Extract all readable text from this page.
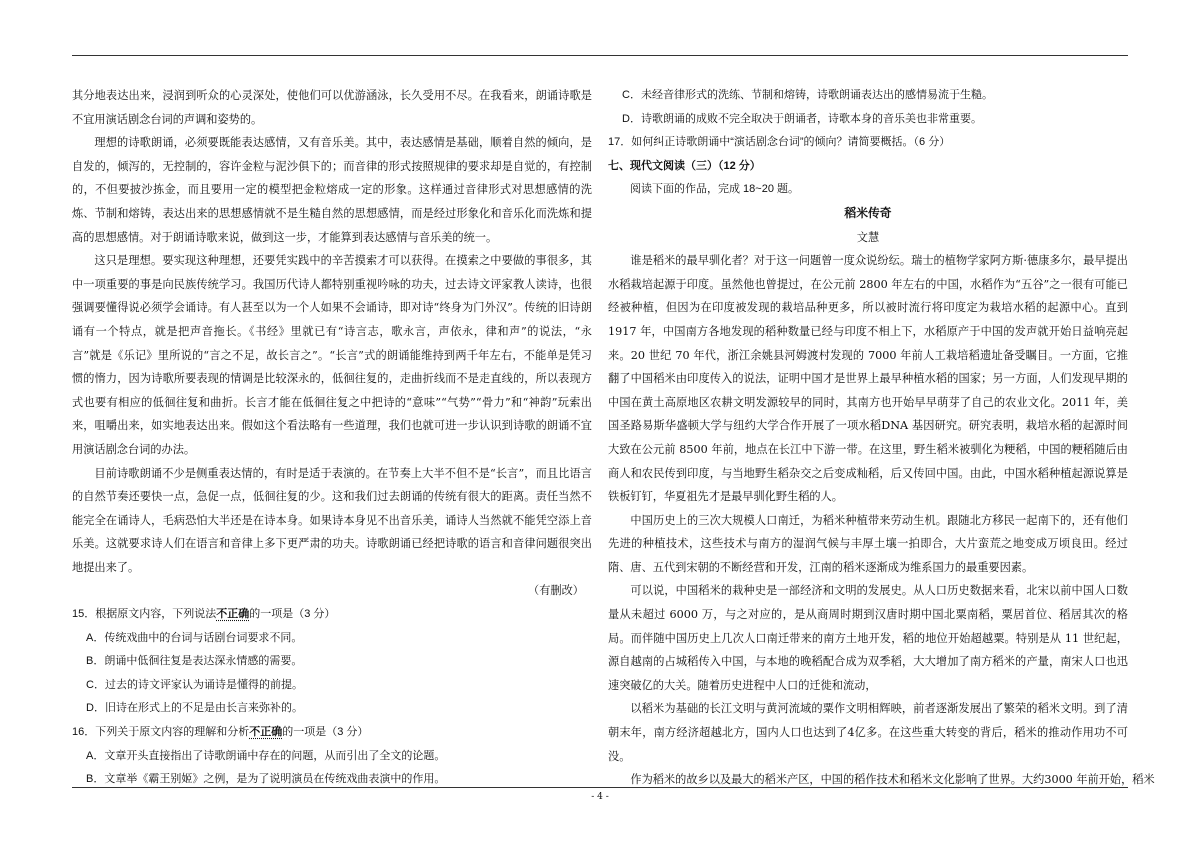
其分地表达出来，浸润到听众的心灵深处，使他们可以优游涵泳，长久受用不尽。在我看来，朗诵诗歌是不宜用演话剧念台词的声调和姿势的。
理想的诗歌朗诵，必须要既能表达感情，又有音乐美。其中，表达感情是基础，顺着自然的倾向，是自发的，倾泻的，无控制的，容许金粒与泥沙俱下的；而音律的形式按照规律的要求却是自觉的，有控制的，不但要披沙拣金，而且要用一定的模型把金粒熔成一定的形象。这样通过音律形式对思想感情的洗炼、节制和熔铸，表达出来的思想感情就不是生糙自然的思想感情，而是经过形象化和音乐化而洗炼和提高的思想感情。对于朗诵诗歌来说，做到这一步，才能算到表达感情与音乐美的统一。
这只是理想。要实现这种理想，还要凭实践中的辛苦摸索才可以获得。在摸索之中要做的事很多，其中一项重要的事是向民族传统学习。我国历代诗人都特别重视吟咏的功夫，过去诗文评家教人读诗，也很强调要懂得说必须学会诵诗。有人甚至以为一个人如果不会诵诗，即对诗“终身为门外汉”。传统的旧诗朗诵有一个特点，就是把声音拖长。《书经》里就已有“诗言志，歌永言，声依永，律和声”的说法，“永言”就是《乐记》里所说的“言之不足，故长言之”。“长言”式的朗诵能维持到两千年左右，不能单是凭习惯的惰力，因为诗歌所要表现的情调是比较深永的，低徊往复的，走曲折线而不是走直线的，所以表现方式也要有相应的低徊往复和曲折。长言才能在低徊往复之中把诗的“意味”“气势”“骨力”和“神韵”玩索出来，咀嚼出来，如实地表达出来。假如这个看法略有一些道理，我们也就可进一步认识到诗歌的朗诵不宜用演话剧念台词的办法。
目前诗歌朗诵不少是侧重表达情的，有时是适于表演的。在节奏上大半不但不是“长言”，而且比语言的自然节奏还要快一点，急促一点，低徊往复的少。这和我们过去朗诵的传统有很大的距离。责任当然不能完全在诵诗人，毛病恐怕大半还是在诗本身。如果诗本身见不出音乐美，诵诗人当然就不能凭空添上音乐美。这就要求诗人们在语言和音律上多下更严肃的功夫。诗歌朗诵已经把诗歌的语言和音律问题很突出地提出来了。
（有删改）
15．根据原文内容，下列说法不正确的一项是（3 分）
A．传统戏曲中的台词与话剧台词要求不同。
B．朗诵中低徊往复是表达深永情感的需要。
C．过去的诗文评家认为诵诗是懂得的前提。
D．旧诗在形式上的不足是由长言来弥补的。
16．下列关于原文内容的理解和分析不正确的一项是（3 分）
A．文章开头直接指出了诗歌朗诵中存在的问题，从而引出了全文的论题。
B．文章举《霸王别姬》之例，是为了说明演员在传统戏曲表演中的作用。
C．未经音律形式的洗练、节制和熔铸，诗歌朗诵表达出的感情易流于生糙。
D．诗歌朗诵的成败不完全取决于朗诵者，诗歌本身的音乐美也非常重要。
17．如何纠正诗歌朗诵中“演话剧念台词”的倾向？请简要概括。（6 分）
七、现代文阅读（三）（12 分）
阅读下面的作品，完成 18~20 题。
稻米传奇
文慧
谁是稻米的最早驯化者？对于这一问题曾一度众说纷纭。瑞士的植物学家阿方斯·德康多尔，最早提出水稻栽培起源于印度。虽然他也曾提过，在公元前 2800 年左右的中国，水稻作为“五谷”之一很有可能已经被种植，但因为在印度被发现的栽培品种更多，所以被时流行将印度定为栽培水稻的起源中心。直到 1917 年，中国南方各地发现的稻种数量已经与印度不相上下，水稻原产于中国的发声就开始日益响亮起来。20 世纪 70 年代，浙江余姚县河姆渡村发现的 7000 年前人工栽培稻遗址备受瞩目。一方面，它推翻了中国稻米由印度传入的说法，证明中国才是世界上最早种植水稻的国家；另一方面，人们发现早期的中国在黄土高原地区农耕文明发源较早的同时，其南方也开始早早萌芽了自己的农业文化。2011 年，美国圣路易斯华盛顿大学与纽约大学合作开展了一项水稻DNA 基因研究。研究表明，栽培水稻的起源时间大致在公元前 8500 年前，地点在长江中下游一带。在这里，野生稻米被驯化为粳稻，中国的粳稻随后由商人和农民传到印度，与当地野生稻杂交之后变成籼稻，后又传回中国。由此，中国水稻种植起源说算是铁板钉钉，华夏祖先才是最早驯化野生稻的人。
中国历史上的三次大规模人口南迁，为稻米种植带来劳动生机。跟随北方移民一起南下的，还有他们先进的种植技术，这些技术与南方的湿润气候与丰厚土壤一拍即合，大片蛮荒之地变成万顷良田。经过隋、唐、五代到宋朝的不断经营和开发，江南的稻米逐渐成为维系国力的最重要因素。
可以说，中国稻米的栽种史是一部经济和文明的发展史。从人口历史数据来看，北宋以前中国人口数量从未超过 6000 万，与之对应的，是从商周时期到汉唐时期中国北粟南稻，粟居首位、稻居其次的格局。而伴随中国历史上几次人口南迁带来的南方土地开发，稻的地位开始超越粟。特别是从 11 世纪起，源自越南的占城稻传入中国，与本地的晚稻配合成为双季稻，大大增加了南方稻米的产量，南宋人口也迅速突破亿的大关。随着历史进程中人口的迁徙和流动，
以稻米为基础的长江文明与黄河流域的粟作文明相辉映，前者逐渐发展出了繁荣的稻米文明。到了清朝末年，南方经济超越北方，国内人口也达到了4亿多。在这些重大转变的背后，稻米的推动作用功不可没。
作为稻米的故乡以及最大的稻米产区，中国的稻作技术和稻米文化影响了世界。大约3000 年前开始，稻米
- 4 -
